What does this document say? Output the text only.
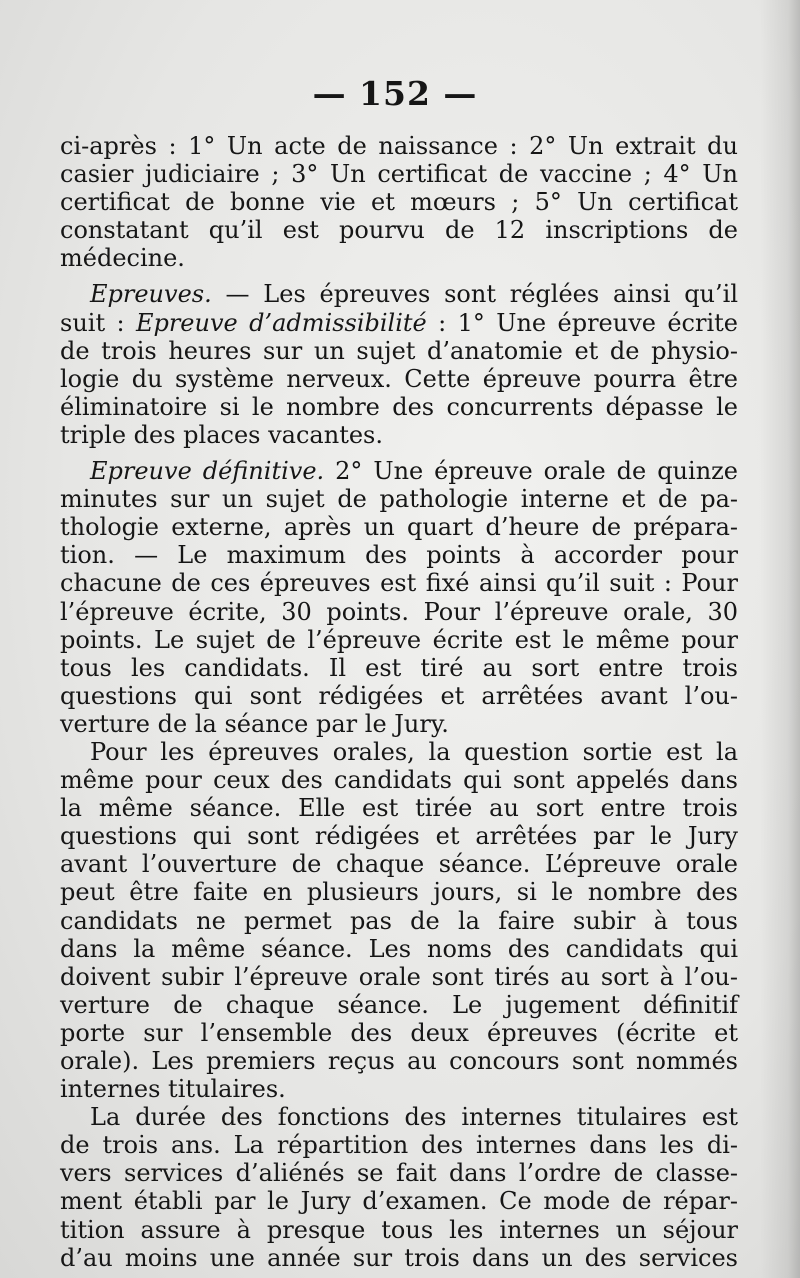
— 152 —
ci-après : 1° Un acte de naissance : 2° Un extrait du
casier judiciaire ; 3° Un certificat de vaccine ; 4° Un
certificat de bonne vie et mœurs ; 5° Un certificat
constatant qu’il est pourvu de 12 inscriptions de
médecine.
Epreuves. — Les épreuves sont réglées ainsi qu’il
suit : Epreuve d’admissibilité : 1° Une épreuve écrite
de trois heures sur un sujet d’anatomie et de physio-
logie du système nerveux. Cette épreuve pourra être
éliminatoire si le nombre des concurrents dépasse le
triple des places vacantes.
Epreuve définitive. 2° Une épreuve orale de quinze
minutes sur un sujet de pathologie interne et de pa-
thologie externe, après un quart d’heure de prépara-
tion. — Le maximum des points à accorder pour
chacune de ces épreuves est fixé ainsi qu’il suit : Pour
l’épreuve écrite, 30 points. Pour l’épreuve orale, 30
points. Le sujet de l’épreuve écrite est le même pour
tous les candidats. Il est tiré au sort entre trois
questions qui sont rédigées et arrêtées avant l’ou-
verture de la séance par le Jury.
Pour les épreuves orales, la question sortie est la
même pour ceux des candidats qui sont appelés dans
la même séance. Elle est tirée au sort entre trois
questions qui sont rédigées et arrêtées par le Jury
avant l’ouverture de chaque séance. L’épreuve orale
peut être faite en plusieurs jours, si le nombre des
candidats ne permet pas de la faire subir à tous
dans la même séance. Les noms des candidats qui
doivent subir l’épreuve orale sont tirés au sort à l’ou-
verture de chaque séance. Le jugement définitif
porte sur l’ensemble des deux épreuves (écrite et
orale). Les premiers reçus au concours sont nommés
internes titulaires.
La durée des fonctions des internes titulaires est
de trois ans. La répartition des internes dans les di-
vers services d’aliénés se fait dans l’ordre de classe-
ment établi par le Jury d’examen. Ce mode de répar-
tition assure à presque tous les internes un séjour
d’au moins une année sur trois dans un des services
